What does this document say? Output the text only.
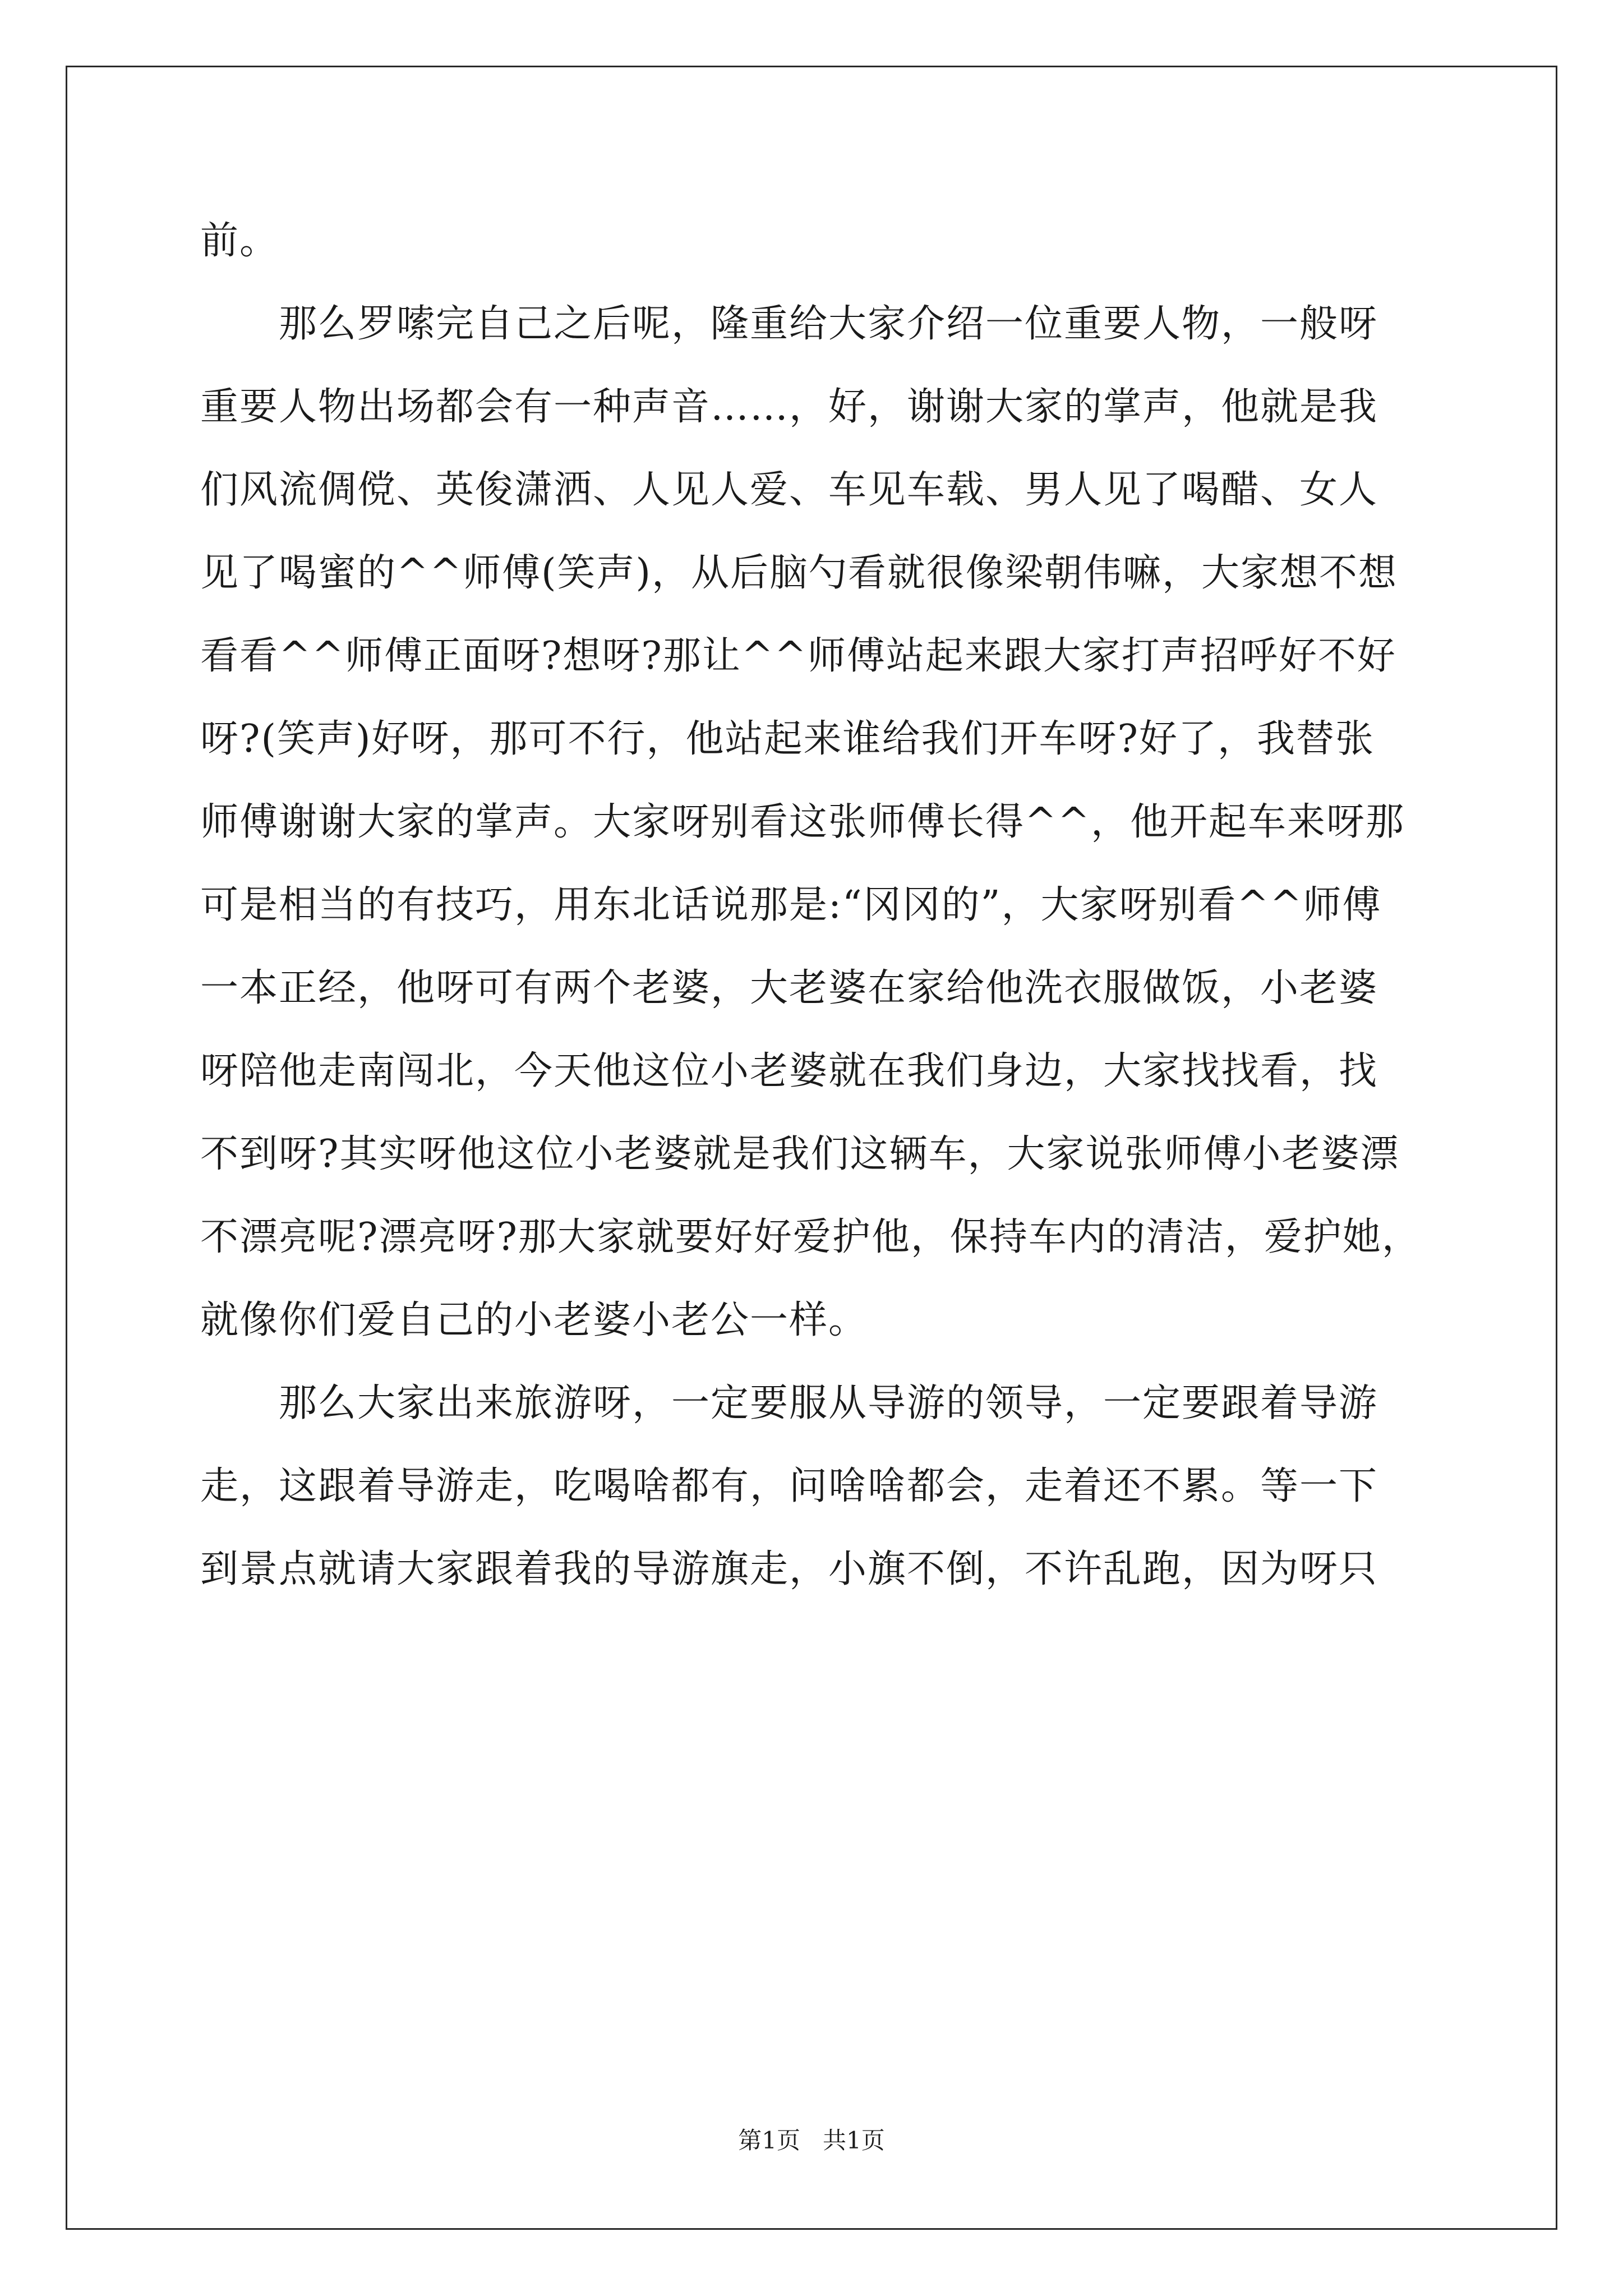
前。
那么罗嗦完自己之后呢，隆重给大家介绍一位重要人物，一般呀
重要人物出场都会有一种声音……，好，谢谢大家的掌声，他就是我
们风流倜傥、英俊潇洒、人见人爱、车见车载、男人见了喝醋、女人
见了喝蜜的^^师傅(笑声)，从后脑勺看就很像梁朝伟嘛，大家想不想
看看^^师傅正面呀?想呀?那让^^师傅站起来跟大家打声招呼好不好
呀?(笑声)好呀，那可不行，他站起来谁给我们开车呀?好了，我替张
师傅谢谢大家的掌声。大家呀别看这张师傅长得^^，他开起车来呀那
可是相当的有技巧，用东北话说那是:“冈冈的”，大家呀别看^^师傅
一本正经，他呀可有两个老婆，大老婆在家给他洗衣服做饭，小老婆
呀陪他走南闯北，今天他这位小老婆就在我们身边，大家找找看，找
不到呀?其实呀他这位小老婆就是我们这辆车，大家说张师傅小老婆漂
不漂亮呢?漂亮呀?那大家就要好好爱护他，保持车内的清洁，爱护她，
就像你们爱自己的小老婆小老公一样。
那么大家出来旅游呀，一定要服从导游的领导，一定要跟着导游
走，这跟着导游走，吃喝啥都有，问啥啥都会，走着还不累。等一下
到景点就请大家跟着我的导游旗走，小旗不倒，不许乱跑，因为呀只
第1页   共1页
